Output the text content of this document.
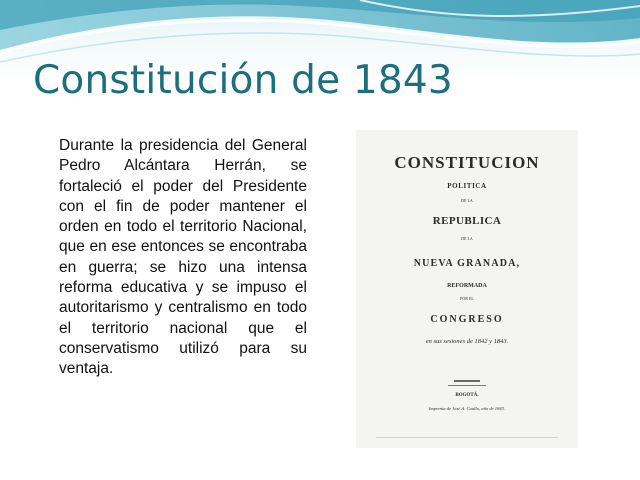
Constitución de 1843

Durante la presidencia del General Pedro Alcántara Herrán, se fortaleció el poder del Presidente con el fin de poder mantener el orden en todo el territorio Nacional, que en ese entonces se encontraba en guerra; se hizo una intensa reforma educativa y se impuso el autoritarismo y centralismo en todo el territorio nacional que el conservatismo utilizó para su ventaja.

CONSTITUCION
POLITICA
DE LA
REPUBLICA
DE LA
NUEVA GRANADA,
REFORMADA
POR EL
CONGRESO
en sus sesiones de 1842 y 1843.
BOGOTÁ.
Imprenta de José A. Cualla, año de 1843.
